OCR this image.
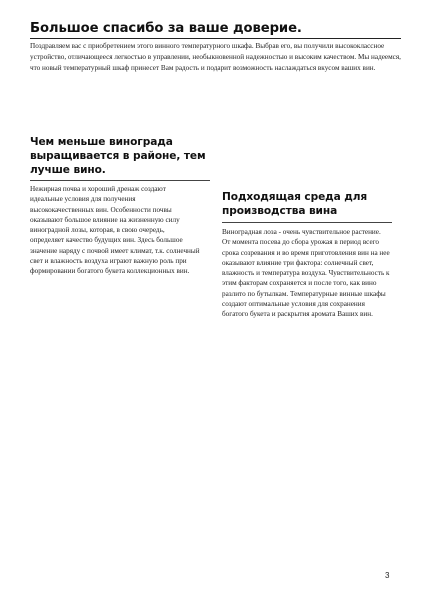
Большое спасибо за ваше доверие.

Поздравляем вас с приобретением этого винного температурного шкафа. Выбрав его, вы получили высококлассное устройство, отличающееся легкостью в управлении, необыкновенной надежностью и высоким качеством. Мы надеемся, что новый температурный шкаф принесет Вам радость и подарит возможность наслаждаться вкусом ваших вин.

Чем меньше винограда выращивается в районе, тем лучше вино.

Нежирная почва и хороший дренаж создают идеальные условия для получения высококачественных вин. Особенности почвы оказывают большое влияние на жизненную силу виноградной лозы, которая, в свою очередь, определяет качество будущих вин. Здесь большое значение наряду с почвой имеет климат, т.к. солнечный свет и влажность воздуха играют важную роль при формировании богатого букета коллекционных вин.

Подходящая среда для производства вина

Виноградная лоза - очень чувствительное растение. От момента посева до сбора урожая в период всего срока созревания и во время приготовления вин на нее оказывают влияние три фактора: солнечный свет, влажность и температура воздуха. Чувствительность к этим факторам сохраняется и после того, как вино разлито по бутылкам. Температурные винные шкафы создают оптимальные условия для сохранения богатого букета и раскрытия аромата Ваших вин.

3
